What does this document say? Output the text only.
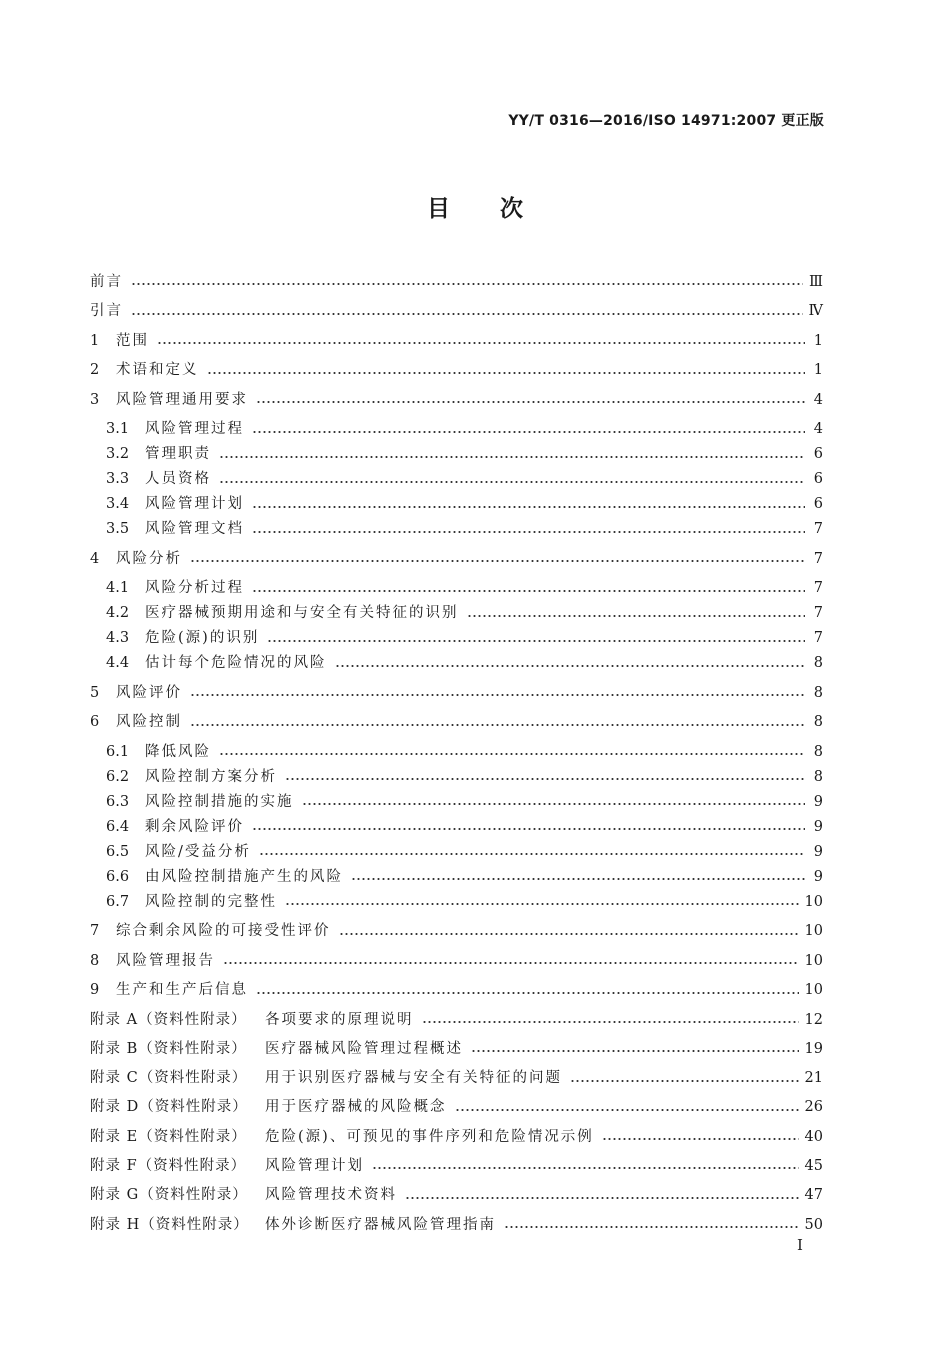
YY/T 0316—2016/ISO 14971:2007 更正版
目次
前言	Ⅲ
引言	Ⅳ
1	范围	1
2	术语和定义	1
3	风险管理通用要求	4
3.1	风险管理过程	4
3.2	管理职责	6
3.3	人员资格	6
3.4	风险管理计划	6
3.5	风险管理文档	7
4	风险分析	7
4.1	风险分析过程	7
4.2	医疗器械预期用途和与安全有关特征的识别	7
4.3	危险(源)的识别	7
4.4	估计每个危险情况的风险	8
5	风险评价	8
6	风险控制	8
6.1	降低风险	8
6.2	风险控制方案分析	8
6.3	风险控制措施的实施	9
6.4	剩余风险评价	9
6.5	风险/受益分析	9
6.6	由风险控制措施产生的风险	9
6.7	风险控制的完整性	10
7	综合剩余风险的可接受性评价	10
8	风险管理报告	10
9	生产和生产后信息	10
附录 A（资料性附录）	各项要求的原理说明	12
附录 B（资料性附录）	医疗器械风险管理过程概述	19
附录 C（资料性附录）	用于识别医疗器械与安全有关特征的问题	21
附录 D（资料性附录）	用于医疗器械的风险概念	26
附录 E（资料性附录）	危险(源)、可预见的事件序列和危险情况示例	40
附录 F（资料性附录）	风险管理计划	45
附录 G（资料性附录）	风险管理技术资料	47
附录 H（资料性附录）	体外诊断医疗器械风险管理指南	50
I
